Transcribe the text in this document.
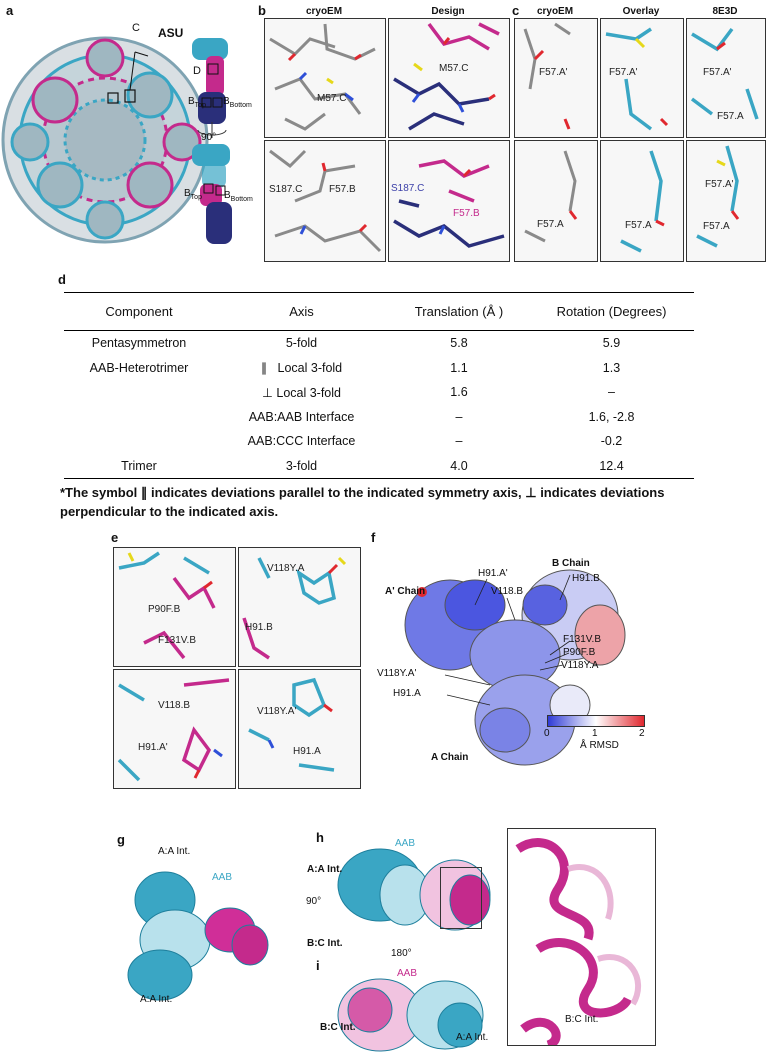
a
C ASU
D
$B_{Top}$ $B_{Bottom}$
90°
$B_{Top}$ $B_{Bottom}$
b	cryoEM	Design
M57.C
M57.C
S187.C	F57.B	S187.C
F57.B
c	cryoEM	Overlay	8E3D
F57.A'	F57.A'	F57.A'
F57.A
F57.A	F57.A
F57.A'
F57.A
d
Component	Axis	Translation (Å )	Rotation (Degrees)
Pentasymmetron	5-fold	5.8	5.9
AAB-Heterotrimer	∥   Local 3-fold	1.1	1.3
	⊥ Local 3-fold	1.6	–
	AAB:AAB Interface	–	1.6, -2.8
	AAB:CCC Interface	–	-0.2
Trimer	3-fold	4.0	12.4
*The symbol ∥ indicates deviations parallel to the indicated symmetry axis, ⊥ indicates deviations perpendicular to the indicated axis.
e
P90F.B
F131V.B
V118Y.A
H91.B
V118.B
H91.A'
V118Y.A'
H91.A
f
A' Chain
H91.A'
V118.B
B Chain
H91.B
F131V.B
P90F.B
V118Y.A
V118Y.A'
H91.A
A Chain
0	1	2
Å RMSD
g
A:A Int.
AAB
A:A Int.
h
A:A Int.
AAB
90°
B:C Int.
180°
i
AAB
B:C Int.
A:A Int.
B:C Int.
